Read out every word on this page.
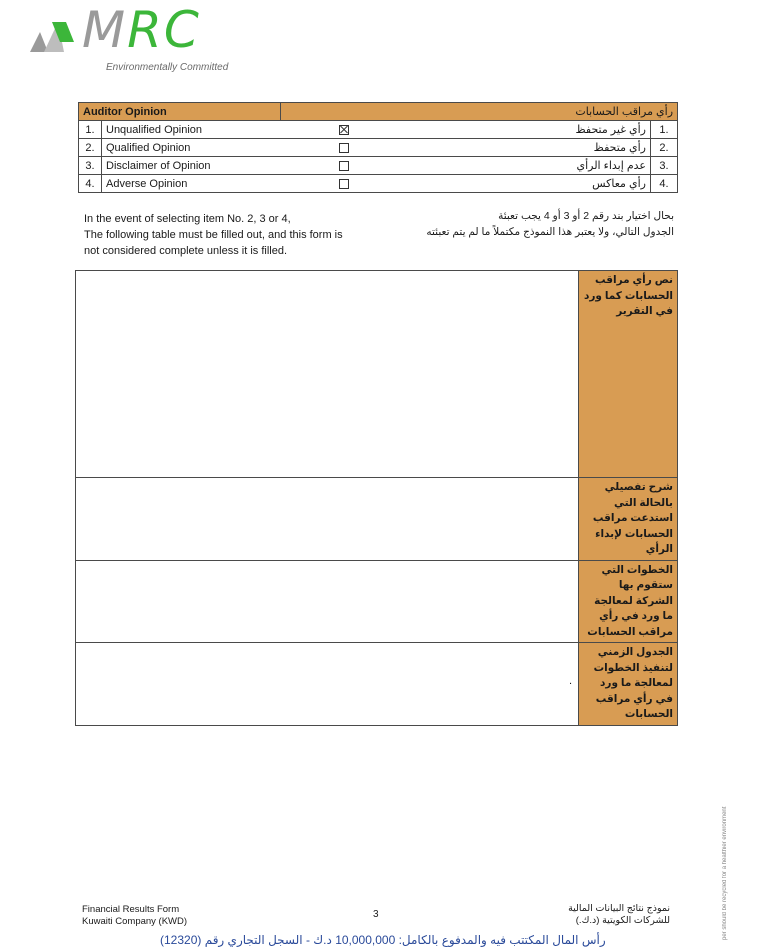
MRC
Environmentally Committed
Auditor Opinion		رأي مراقب الحسابات		
1.	Unqualified Opinion		رأي غير متحفظ	1.
2.	Qualified Opinion		رأي متحفظ	2.
3.	Disclaimer of Opinion		عدم إبداء الرأي	3.
4.	Adverse Opinion		رأي معاكس	4.
In the event of selecting item No. 2, 3 or 4,
The following table must be filled out, and this form is
not considered complete unless it is filled.
بحال اختيار بند رقم 2 أو 3 أو 4 يجب تعبئة
الجدول التالي، ولا يعتبر هذا النموذج مكتملاً ما لم يتم تعبئته
	نص رأي مراقب الحسابات كما ورد في التقرير
	شرح تفصيلي بالحالة التي استدعت مراقب الحسابات لإبداء الرأي
	الخطوات التي ستقوم بها الشركة لمعالجة ما ورد في رأي مراقب الحسابات
.	الجدول الزمني لتنفيذ الخطوات لمعالجة ما ورد في رأي مراقب الحسابات
per should be recycled for a healthier environment
Financial Results Form
Kuwaiti Company (KWD)
3
نموذج نتائج البيانات المالية
للشركات الكويتية (د.ك.)
رأس المال المكتتب فيه والمدفوع بالكامل: 10,000,000 د.ك - السجل التجاري رقم (12320)
